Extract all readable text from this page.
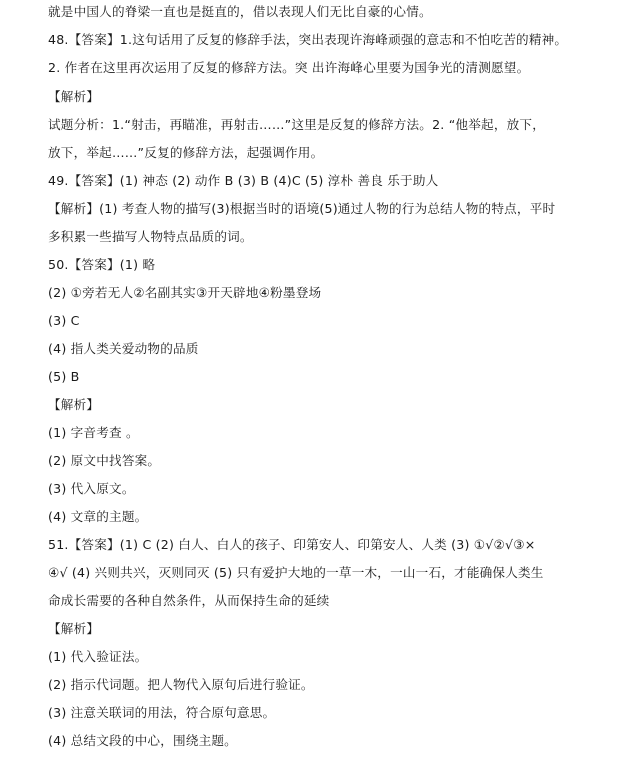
就是中国人的脊梁一直也是挺直的，借以表现人们无比自豪的心情。
48.【答案】1.这句话用了反复的修辞手法，突出表现许海峰顽强的意志和不怕吃苦的精神。
2. 作者在这里再次运用了反复的修辞方法。突 出许海峰心里要为国争光的清测愿望。
【解析】
试题分析：1.“射击，再瞄准，再射击……”这里是反复的修辞方法。2. “他举起，放下，
放下，举起……”反复的修辞方法，起强调作用。
49.【答案】(1) 神态 (2) 动作 B (3) B (4)C (5) 淳朴 善良 乐于助人
【解析】(1) 考查人物的描写(3)根据当时的语境(5)通过人物的行为总结人物的特点，平时
多积累一些描写人物特点品质的词。
50.【答案】(1) 略
(2) ①旁若无人②名副其实③开天辟地④粉墨登场
(3) C
(4) 指人类关爱动物的品质
(5) B
【解析】
(1) 字音考查 。
(2) 原文中找答案。
(3) 代入原文。
(4) 文章的主题。
51.【答案】(1) C (2) 白人、白人的孩子、印第安人、印第安人、人类 (3) ①√②√③×
④√ (4) 兴则共兴，灭则同灭 (5) 只有爱护大地的一草一木，一山一石，才能确保人类生
命成长需要的各种自然条件，从而保持生命的延续
【解析】
(1) 代入验证法。
(2) 指示代词题。把人物代入原句后进行验证。
(3) 注意关联词的用法，符合原句意思。
(4) 总结文段的中心，围绕主题。
